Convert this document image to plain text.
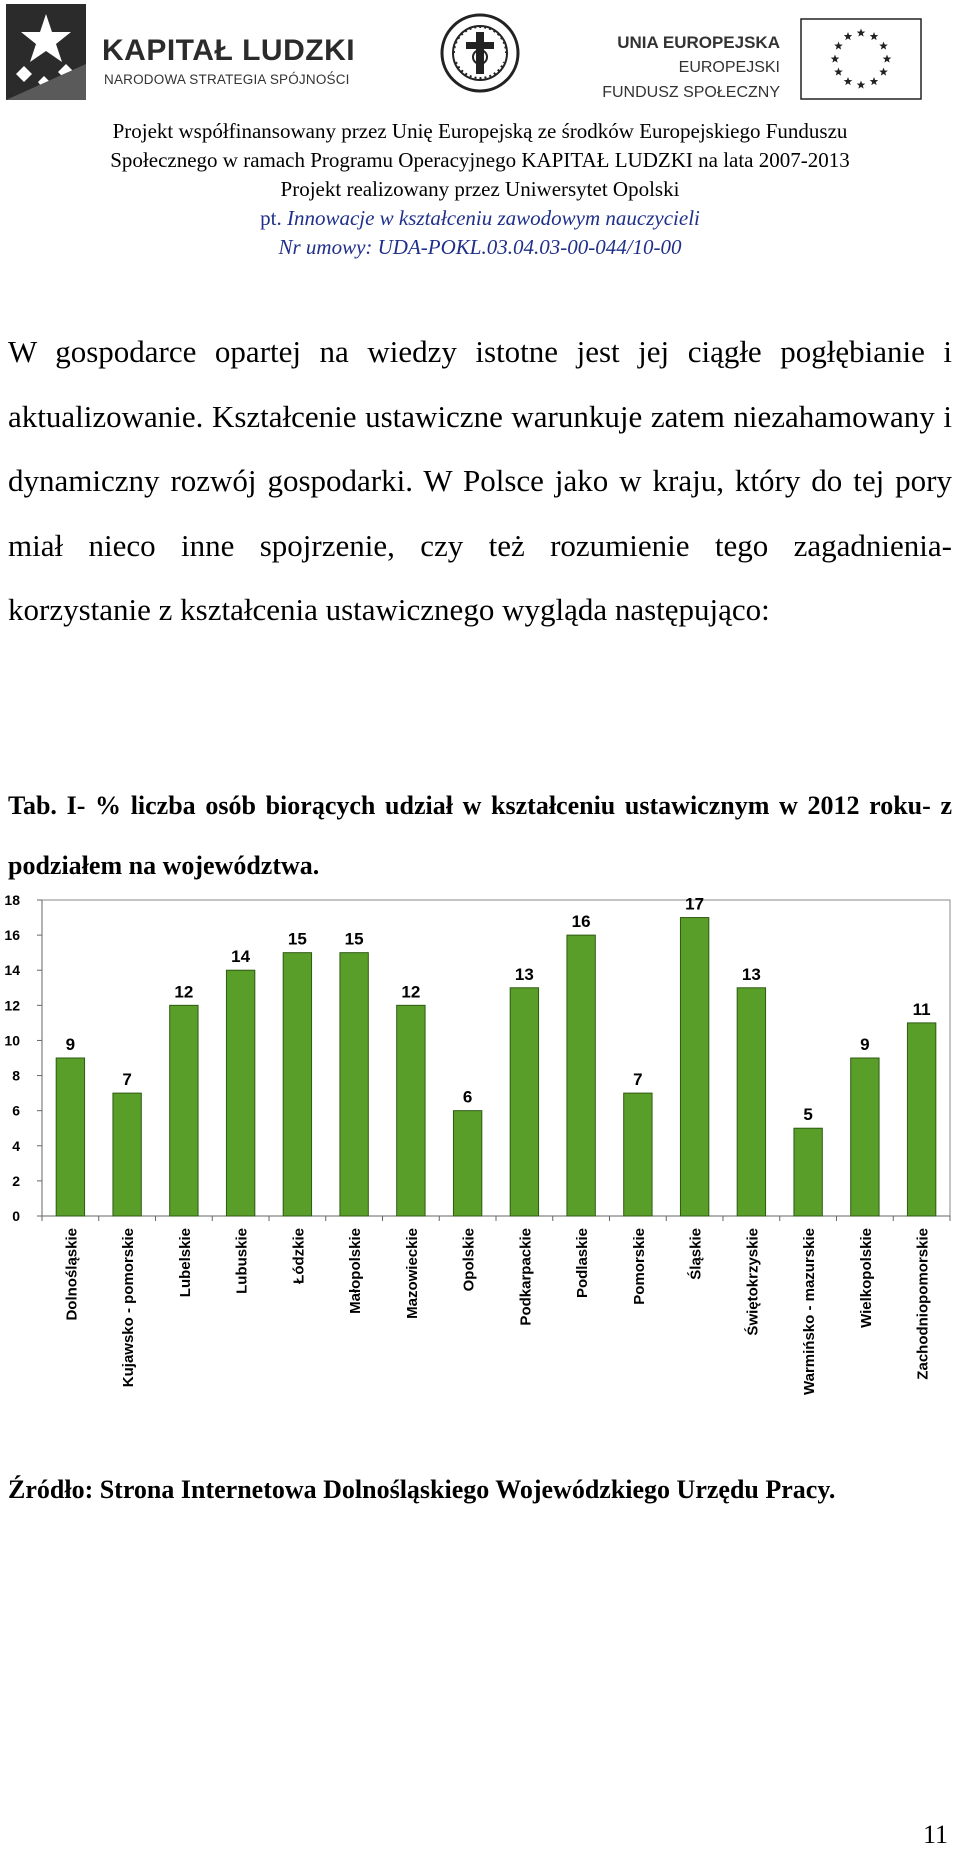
KAPITAŁ LUDZKI
NARODOWA STRATEGIA SPÓJNOŚCI
UNIA EUROPEJSKA
EUROPEJSKI
FUNDUSZ SPOŁECZNY
Projekt współfinansowany przez Unię Europejską ze środków Europejskiego Funduszu
Społecznego w ramach Programu Operacyjnego KAPITAŁ LUDZKI na lata 2007-2013
Projekt realizowany przez Uniwersytet Opolski
pt. Innowacje w kształceniu zawodowym nauczycieli
Nr umowy: UDA-POKL.03.04.03-00-044/10-00

W gospodarce opartej na wiedzy istotne jest jej ciągłe pogłębianie i aktualizowanie. Kształcenie ustawiczne warunkuje zatem niezahamowany i dynamiczny rozwój gospodarki. W Polsce jako w kraju, który do tej pory miał nieco inne spojrzenie, czy też rozumienie tego zagadnienia- korzystanie z kształcenia ustawicznego wygląda następująco:

Tab. I- % liczba osób biorących udział w kształceniu ustawicznym w 2012 roku- z podziałem na województwa.

0
2
4
6
8
10
12
14
16
18
9
Dolnośląskie
7
Kujawsko - pomorskie
12
Lubelskie
14
Lubuskie
15
Łódzkie
15
Małopolskie
12
Mazowieckie
6
Opolskie
13
Podkarpackie
16
Podlaskie
7
Pomorskie
17
Śląskie
13
Świętokrzyskie
5
Warmińsko - mazurskie
9
Wielkopolskie
11
Zachodniopomorskie

Źródło: Strona Internetowa Dolnośląskiego Wojewódzkiego Urzędu Pracy.

11
